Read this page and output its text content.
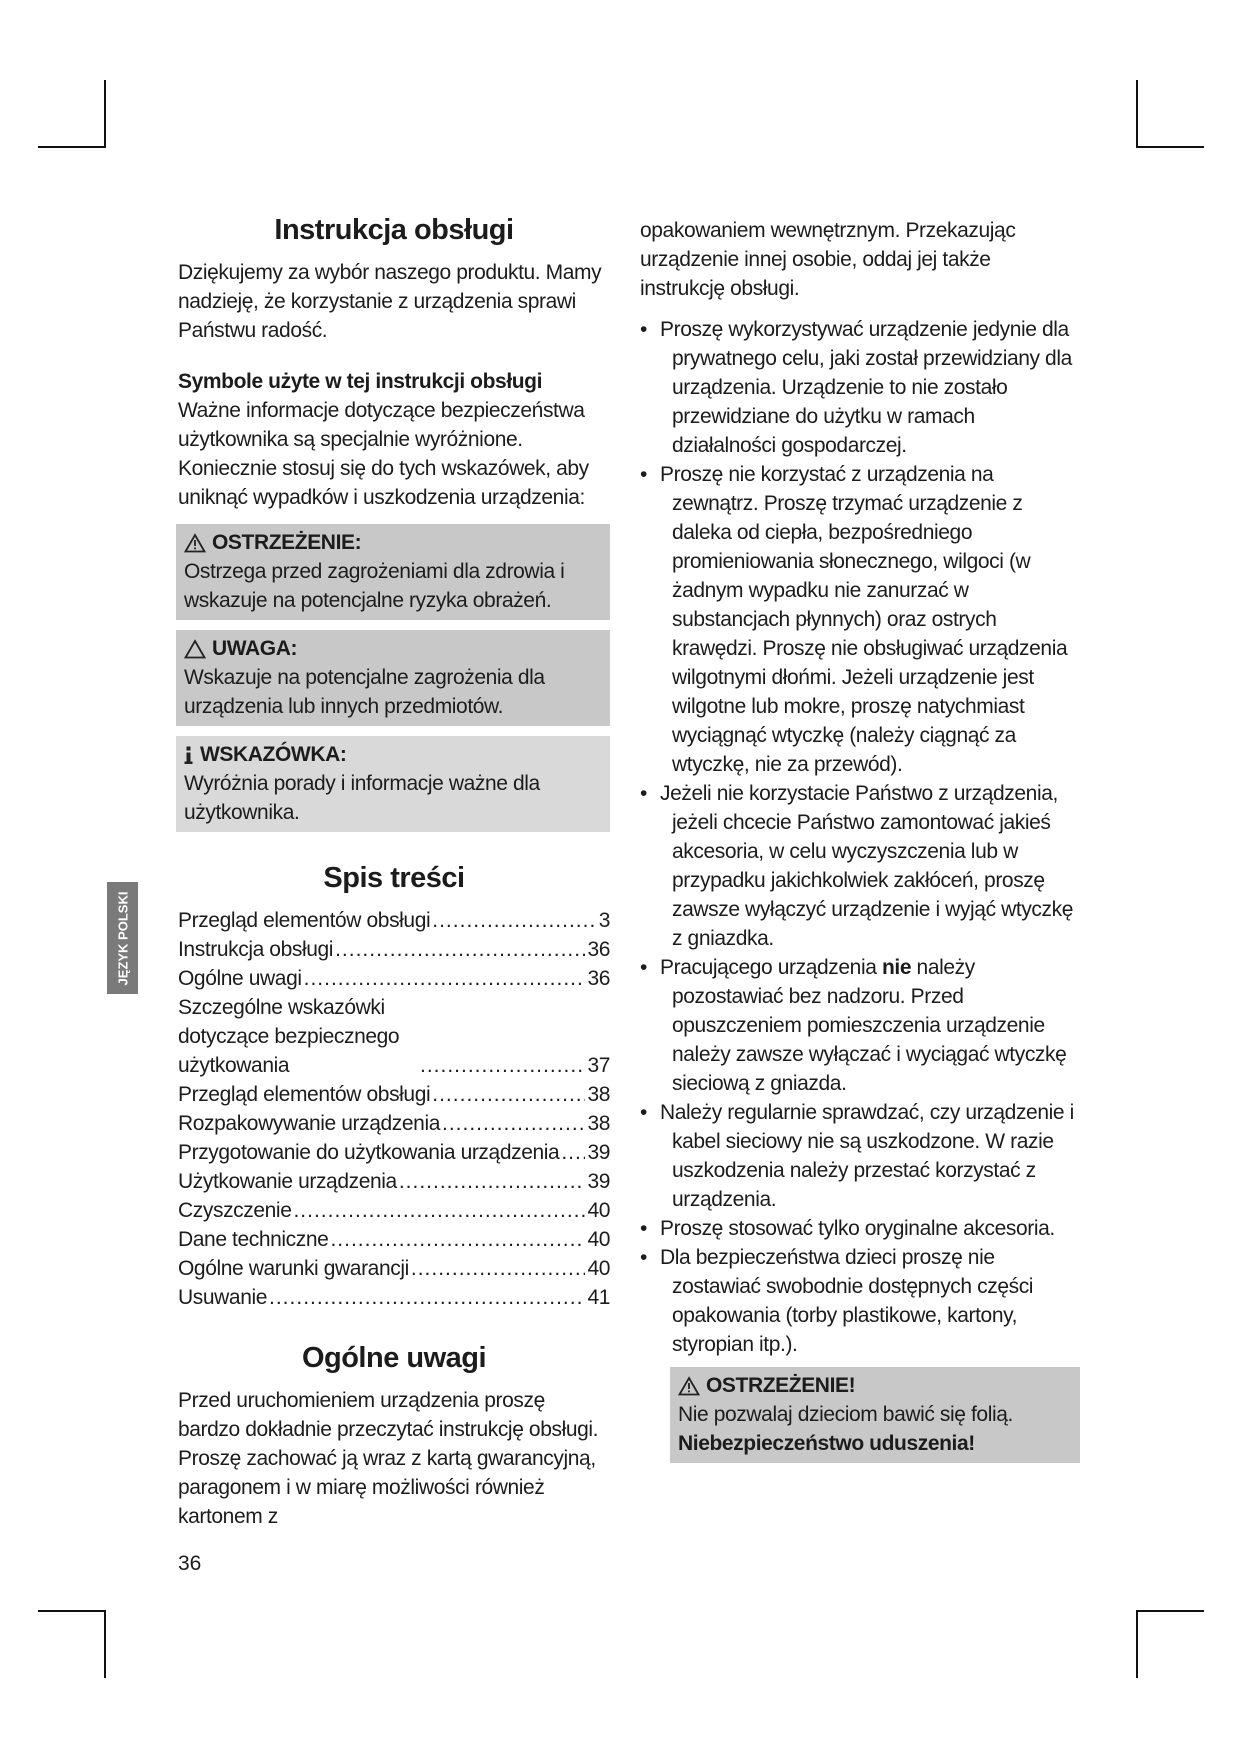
JĘZYK POLSKI
Instrukcja obsługi

Dziękujemy za wybór naszego produktu. Mamy nadzieję, że korzystanie z urządzenia sprawi Państwu radość.

Symbole użyte w tej instrukcji obsługi

Ważne informacje dotyczące bezpieczeństwa użytkownika są specjalnie wyróżnione. Koniecznie stosuj się do tych wskazówek, aby uniknąć wypadków i uszkodzenia urządzenia:

OSTRZEŻENIE:

Ostrzega przed zagrożeniami dla zdrowia i wskazuje na potencjalne ryzyka obrażeń.

UWAGA:

Wskazuje na potencjalne zagrożenia dla urządzenia lub innych przedmiotów.

WSKAZÓWKA:

Wyróżnia porady i informacje ważne dla użytkownika.

Spis treści
Przegląd elementów obsługi .....	3
Instrukcja obsługi .....	36
Ogólne uwagi .....	36
Szczególne wskazówki dotyczące bezpiecznego użytkowania .....	37
Przegląd elementów obsługi .....	38
Rozpakowywanie urządzenia .....	38
Przygotowanie do użytkowania urządzenia ..... 39
Użytkowanie urządzenia .....	39
Czyszczenie .....	40
Dane techniczne .....	40
Ogólne warunki gwarancji .....	40
Usuwanie .....	41
Ogólne uwagi

Przed uruchomieniem urządzenia proszę bardzo dokładnie przeczytać instrukcję obsługi. Proszę zachować ją wraz z kartą gwarancyjną, paragonem i w miarę możliwości również kartonem z

opakowaniem wewnętrznym. Przekazując urządzenie innej osobie, oddaj jej także instrukcję obsługi.

• Proszę wykorzystywać urządzenie jedynie dla prywatnego celu, jaki został przewidziany dla urządzenia. Urządzenie to nie zostało przewidziane do użytku w ramach działalności gospodarczej.
• Proszę nie korzystać z urządzenia na zewnątrz. Proszę trzymać urządzenie z daleka od ciepła, bezpośredniego promieniowania słonecznego, wilgoci (w żadnym wypadku nie zanurzać w substancjach płynnych) oraz ostrych krawędzi. Proszę nie obsługiwać urządzenia wilgotnymi dłońmi. Jeżeli urządzenie jest wilgotne lub mokre, proszę natychmiast wyciągnąć wtyczkę (należy ciągnąć za wtyczkę, nie za przewód).
• Jeżeli nie korzystacie Państwo z urządzenia, jeżeli chcecie Państwo zamontować jakieś akcesoria, w celu wyczyszczenia lub w przypadku jakichkolwiek zakłóceń, proszę zawsze wyłączyć urządzenie i wyjąć wtyczkę z gniazdka.
• Pracującego urządzenia nie należy pozostawiać bez nadzoru. Przed opuszczeniem pomieszczenia urządzenie należy zawsze wyłączać i wyciągać wtyczkę sieciową z gniazda.
• Należy regularnie sprawdzać, czy urządzenie i kabel sieciowy nie są uszkodzone. W razie uszkodzenia należy przestać korzystać z urządzenia.
• Proszę stosować tylko oryginalne akcesoria.
• Dla bezpieczeństwa dzieci proszę nie zostawiać swobodnie dostępnych części opakowania (torby plastikowe, kartony, styropian itp.).
OSTRZEŻENIE!

Nie pozwalaj dzieciom bawić się folią. Niebezpieczeństwo uduszenia!

36
